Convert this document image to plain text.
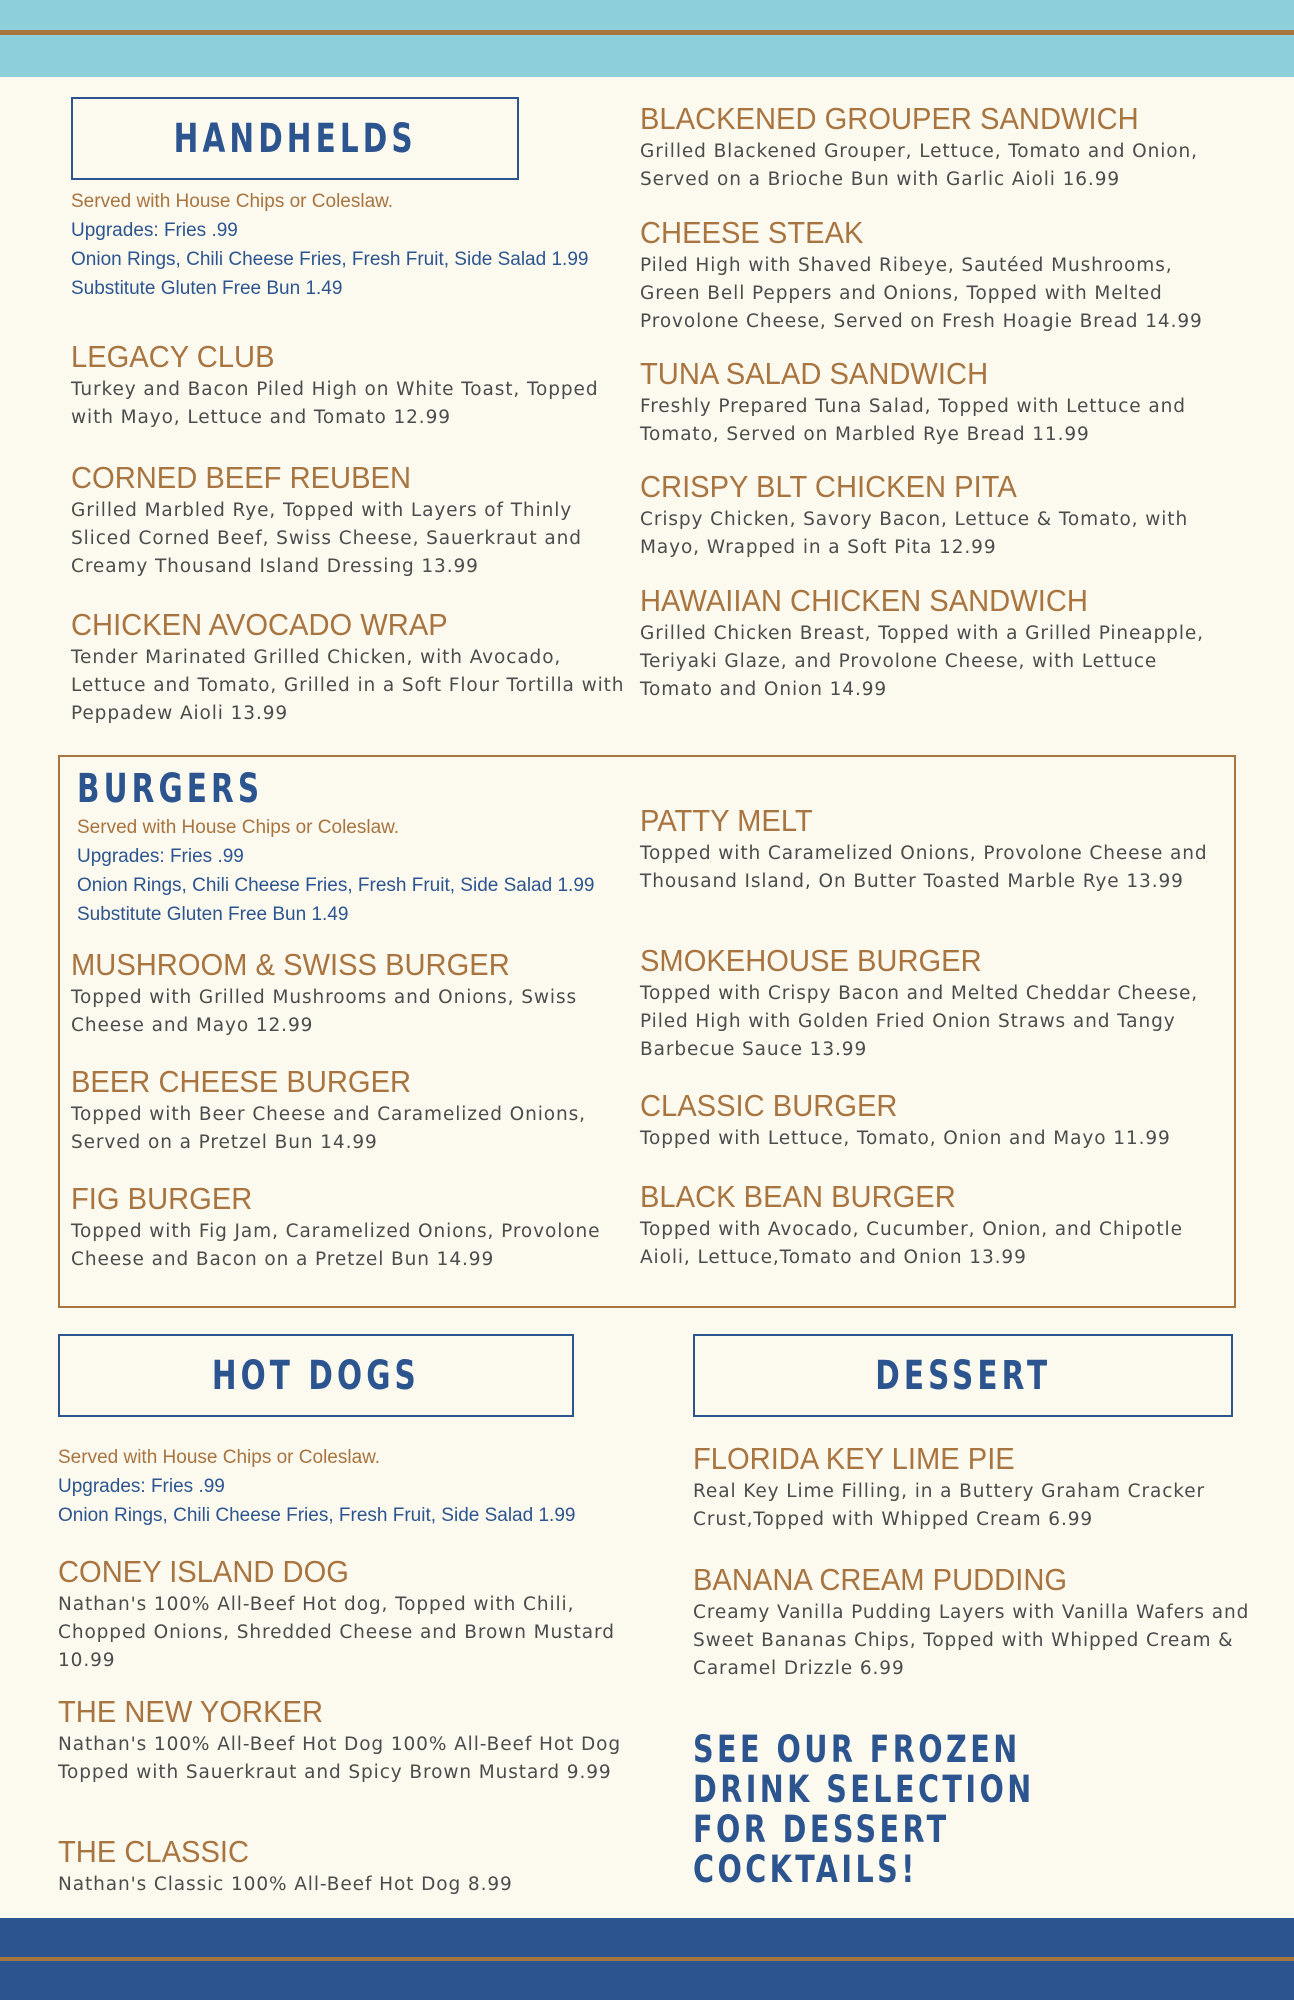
HANDHELDS
Served with House Chips or Coleslaw.
Upgrades: Fries .99
Onion Rings, Chili Cheese Fries, Fresh Fruit, Side Salad 1.99
Substitute Gluten Free Bun 1.49
LEGACY CLUB
Turkey and Bacon Piled High on White Toast, Topped with Mayo, Lettuce and Tomato 12.99
CORNED BEEF REUBEN
Grilled Marbled Rye, Topped with Layers of Thinly Sliced Corned Beef, Swiss Cheese, Sauerkraut and Creamy Thousand Island Dressing 13.99
CHICKEN AVOCADO WRAP
Tender Marinated Grilled Chicken, with Avocado, Lettuce and Tomato, Grilled in a Soft Flour Tortilla with Peppadew Aioli 13.99
BLACKENED GROUPER SANDWICH
Grilled Blackened Grouper, Lettuce, Tomato and Onion, Served on a Brioche Bun with Garlic Aioli 16.99
CHEESE STEAK
Piled High with Shaved Ribeye, Sautéed Mushrooms, Green Bell Peppers and Onions, Topped with Melted Provolone Cheese, Served on Fresh Hoagie Bread 14.99
TUNA SALAD SANDWICH
Freshly Prepared Tuna Salad, Topped with Lettuce and Tomato, Served on Marbled Rye Bread 11.99
CRISPY BLT CHICKEN PITA
Crispy Chicken, Savory Bacon, Lettuce & Tomato, with Mayo, Wrapped in a Soft Pita 12.99
HAWAIIAN CHICKEN SANDWICH
Grilled Chicken Breast, Topped with a Grilled Pineapple, Teriyaki Glaze, and Provolone Cheese, with Lettuce Tomato and Onion 14.99
BURGERS
Served with House Chips or Coleslaw.
Upgrades: Fries .99
Onion Rings, Chili Cheese Fries, Fresh Fruit, Side Salad 1.99
Substitute Gluten Free Bun 1.49
MUSHROOM & SWISS BURGER
Topped with Grilled Mushrooms and Onions, Swiss Cheese and Mayo 12.99
BEER CHEESE BURGER
Topped with Beer Cheese and Caramelized Onions, Served on a Pretzel Bun 14.99
FIG BURGER
Topped with Fig Jam, Caramelized Onions, Provolone Cheese and Bacon on a Pretzel Bun 14.99
PATTY MELT
Topped with Caramelized Onions, Provolone Cheese and Thousand Island, On Butter Toasted Marble Rye 13.99
SMOKEHOUSE BURGER
Topped with Crispy Bacon and Melted Cheddar Cheese, Piled High with Golden Fried Onion Straws and Tangy Barbecue Sauce 13.99
CLASSIC BURGER
Topped with Lettuce, Tomato, Onion and Mayo 11.99
BLACK BEAN BURGER
Topped with Avocado, Cucumber, Onion, and Chipotle Aioli, Lettuce,Tomato and Onion 13.99
HOT DOGS
Served with House Chips or Coleslaw.
Upgrades: Fries .99
Onion Rings, Chili Cheese Fries, Fresh Fruit, Side Salad 1.99
CONEY ISLAND DOG
Nathan's 100% All-Beef Hot dog, Topped with Chili, Chopped Onions, Shredded Cheese and Brown Mustard 10.99
THE NEW YORKER
Nathan's 100% All-Beef Hot Dog 100% All-Beef Hot Dog Topped with Sauerkraut and Spicy Brown Mustard 9.99
THE CLASSIC
Nathan's Classic 100% All-Beef Hot Dog 8.99
DESSERT
FLORIDA KEY LIME PIE
Real Key Lime Filling, in a Buttery Graham Cracker Crust,Topped with Whipped Cream 6.99
BANANA CREAM PUDDING
Creamy Vanilla Pudding Layers with Vanilla Wafers and Sweet Bananas Chips, Topped with Whipped Cream & Caramel Drizzle 6.99

SEE OUR FROZEN DRINK SELECTION FOR DESSERT COCKTAILS!
